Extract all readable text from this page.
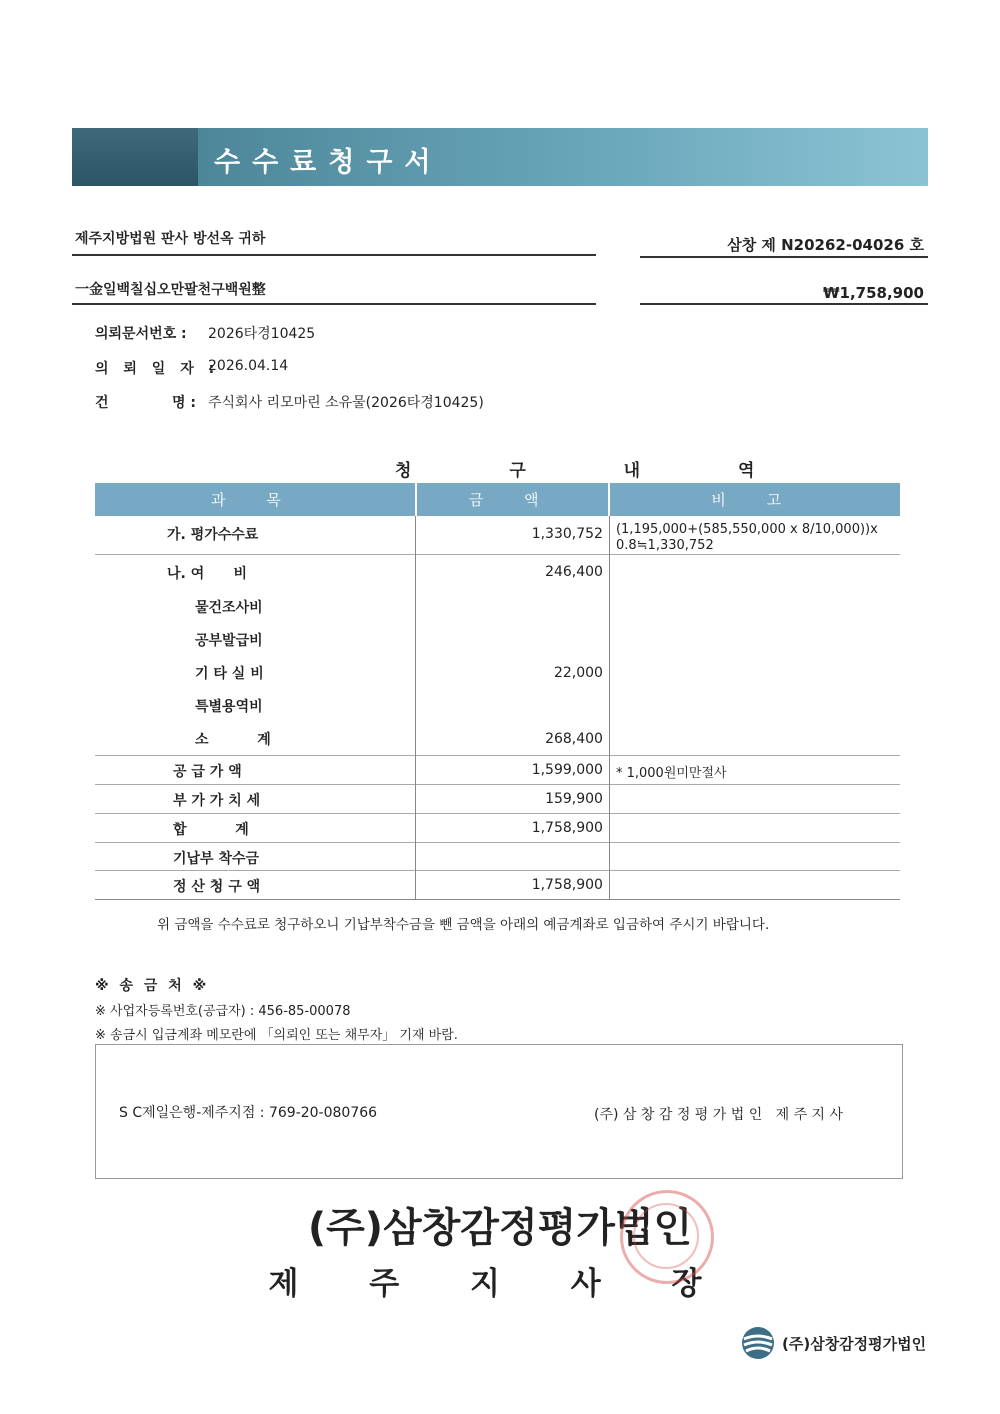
수수료청구서
제주지방법원 판사 방선옥 귀하	삼창 제 N20262-04026 호
一金일백칠십오만팔천구백원整	₩1,758,900
의뢰문서번호 : 2026타경10425
의 뢰 일 자 :
2026.04.14
건	명 : 주식회사 리모마린 소유물(2026타경10425)
청 구 내 역
과 목	금 액	비 고
가. 평가수수료	1,330,752	(1,195,000+(585,550,000 x 8/10,000))x 0.8≒1,330,752
나. 여      비	246,400	
물건조사비		
공부발급비		
기 타 실 비	22,000	
특별용역비		
소          계	268,400	
공 급 가 액	1,599,000	* 1,000원미만절사
부 가 가 치 세	159,900	
합          계	1,758,900	
기납부 착수금		
정 산 청 구 액	1,758,900	
위 금액을 수수료로 청구하오니 기납부착수금을 뺀 금액을 아래의 예금계좌로 입금하여 주시기 바랍니다.
※ 송 금 처 ※
※ 사업자등록번호(공급자) : 456-85-00078
※ 송금시 입금계좌 메모란에 「의뢰인 또는 채무자」 기재 바람.
S C제일은행-제주지점 : 769-20-080766	(주) 삼 창 감 정 평 가 법 인   제 주 지 사
(주)삼창감정평가법인
제 주 지 사 장
(주)삼창감정평가법인
